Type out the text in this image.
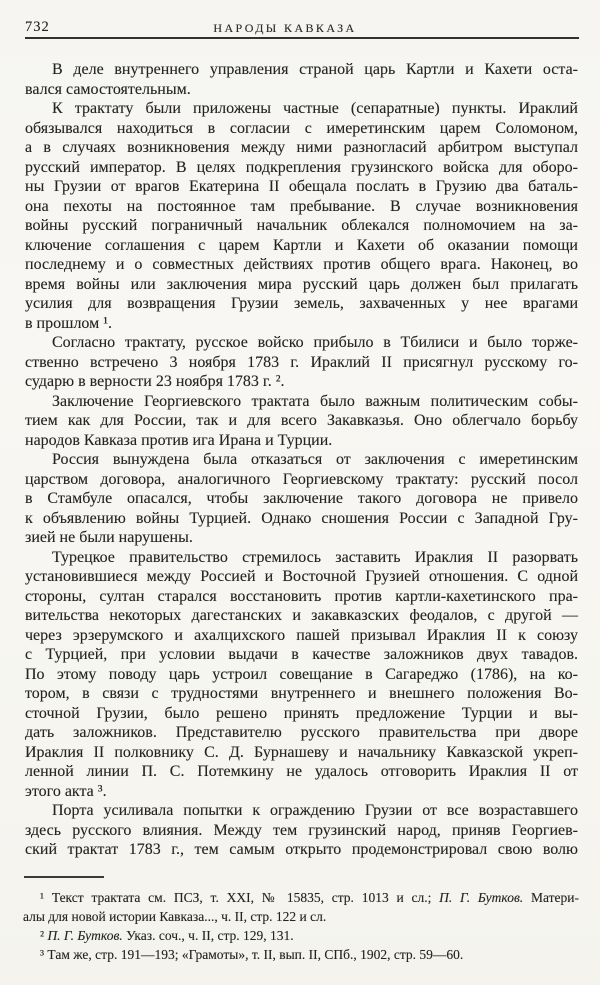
732	НАРОДЫ КАВКАЗА
В деле внутреннего управления страной царь Картли и Кахети оста-
вался самостоятельным.
К трактату были приложены частные (сепаратные) пункты. Ираклий
обязывался находиться в согласии с имеретинским царем Соломоном,
а в случаях возникновения между ними разногласий арбитром выступал
русский император. В целях подкрепления грузинского войска для оборо-
ны Грузии от врагов Екатерина II обещала послать в Грузию два баталь-
она пехоты на постоянное там пребывание. В случае возникновения
войны русский пограничный начальник облекался полномочием на за-
ключение соглашения с царем Картли и Кахети об оказании помощи
последнему и о совместных действиях против общего врага. Наконец, во
время войны или заключения мира русский царь должен был прилагать
усилия для возвращения Грузии земель, захваченных у нее врагами
в прошлом ¹.
Согласно трактату, русское войско прибыло в Тбилиси и было торже-
ственно встречено 3 ноября 1783 г. Ираклий II присягнул русскому го-
сударю в верности 23 ноября 1783 г. ².
Заключение Георгиевского трактата было важным политическим собы-
тием как для России, так и для всего Закавказья. Оно облегчало борьбу
народов Кавказа против ига Ирана и Турции.
Россия вынуждена была отказаться от заключения с имеретинским
царством договора, аналогичного Георгиевскому трактату: русский посол
в Стамбуле опасался, чтобы заключение такого договора не привело
к объявлению войны Турцией. Однако сношения России с Западной Гру-
зией не были нарушены.
Турецкое правительство стремилось заставить Ираклия II разорвать
установившиеся между Россией и Восточной Грузией отношения. С одной
стороны, султан старался восстановить против картли-кахетинского пра-
вительства некоторых дагестанских и закавказских феодалов, с другой —
через эрзерумского и ахалцихского пашей призывал Ираклия II к союзу
с Турцией, при условии выдачи в качестве заложников двух тавадов.
По этому поводу царь устроил совещание в Сагареджо (1786), на ко-
тором, в связи с трудностями внутреннего и внешнего положения Во-
сточной Грузии, было решено принять предложение Турции и вы-
дать заложников. Представителю русского правительства при дворе
Ираклия II полковнику С. Д. Бурнашеву и начальнику Кавказской укреп-
ленной линии П. С. Потемкину не удалось отговорить Ираклия II от
этого акта ³.
Порта усиливала попытки к ограждению Грузии от все возраставшего
здесь русского влияния. Между тем грузинский народ, приняв Георгиев-
ский трактат 1783 г., тем самым открыто продемонстрировал свою волю
¹ Текст трактата см. ПСЗ, т. XXI, № 15835, стр. 1013 и сл.; П. Г. Бутков. Матери-
алы для новой истории Кавказа..., ч. II, стр. 122 и сл.
² П. Г. Бутков. Указ. соч., ч. II, стр. 129, 131.
³ Там же, стр. 191—193; «Грамоты», т. II, вып. II, СПб., 1902, стр. 59—60.
